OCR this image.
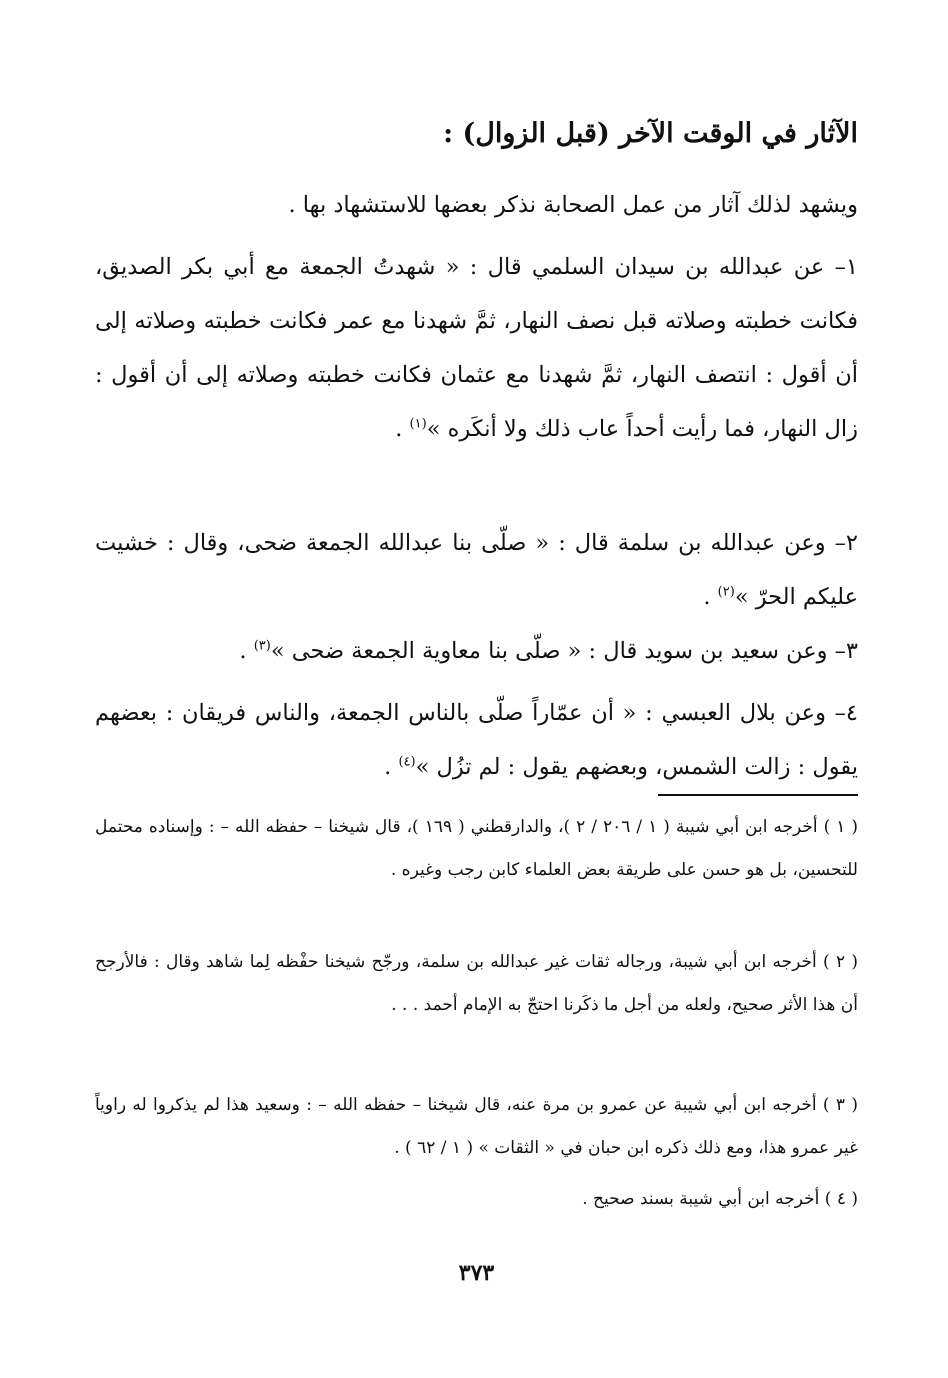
الآثار في الوقت الآخر (قبل الزوال) :
ويشهد لذلك آثار من عمل الصحابة نذكر بعضها للاستشهاد بها .
١– عن عبدالله بن سيدان السلمي قال : « شهدتُ الجمعة مع أبي بكر الصديق، فكانت خطبته وصلاته قبل نصف النهار، ثمَّ شهدنا مع عمر فكانت خطبته وصلاته إلى أن أقول : انتصف النهار، ثمَّ شهدنا مع عثمان فكانت خطبته وصلاته إلى أن أقول : زال النهار، فما رأيت أحداً عاب ذلك ولا أنكَره »$^{(١)}$ .
٢– وعن عبدالله بن سلمة قال : « صلّى بنا عبدالله الجمعة ضحى، وقال : خشيت عليكم الحرّ »$^{(٢)}$ .
٣– وعن سعيد بن سويد قال : « صلّى بنا معاوية الجمعة ضحى »$^{(٣)}$ .
٤– وعن بلال العبسي : « أن عمّاراً صلّى بالناس الجمعة، والناس فريقان : بعضهم يقول : زالت الشمس، وبعضهم يقول : لم تزُل »$^{(٤)}$ .
( ١ ) أخرجه ابن أبي شيبة ( ١ / ٢٠٦ / ٢ )، والدارقطني ( ١٦٩ )، قال شيخنا – حفظه الله – : وإسناده محتمل للتحسين، بل هو حسن على طريقة بعض العلماء كابن رجب وغيره .
( ٢ ) أخرجه ابن أبي شيبة، ورجاله ثقات غير عبدالله بن سلمة، ورجّح شيخنا حفْظه لِما شاهد وقال : فالأرجح أن هذا الأثر صحيح، ولعله من أجل ما ذكَرنا احتجّ به الإمام أحمد . . .
( ٣ ) أخرجه ابن أبي شيبة عن عمرو بن مرة عنه، قال شيخنا – حفظه الله – : وسعيد هذا لم يذكروا له راوياً غير عمرو هذا، ومع ذلك ذكره ابن حبان في « الثقات » ( ١ / ٦٢ ) .
( ٤ ) أخرجه ابن أبي شيبة بسند صحيح .
٣٧٣
